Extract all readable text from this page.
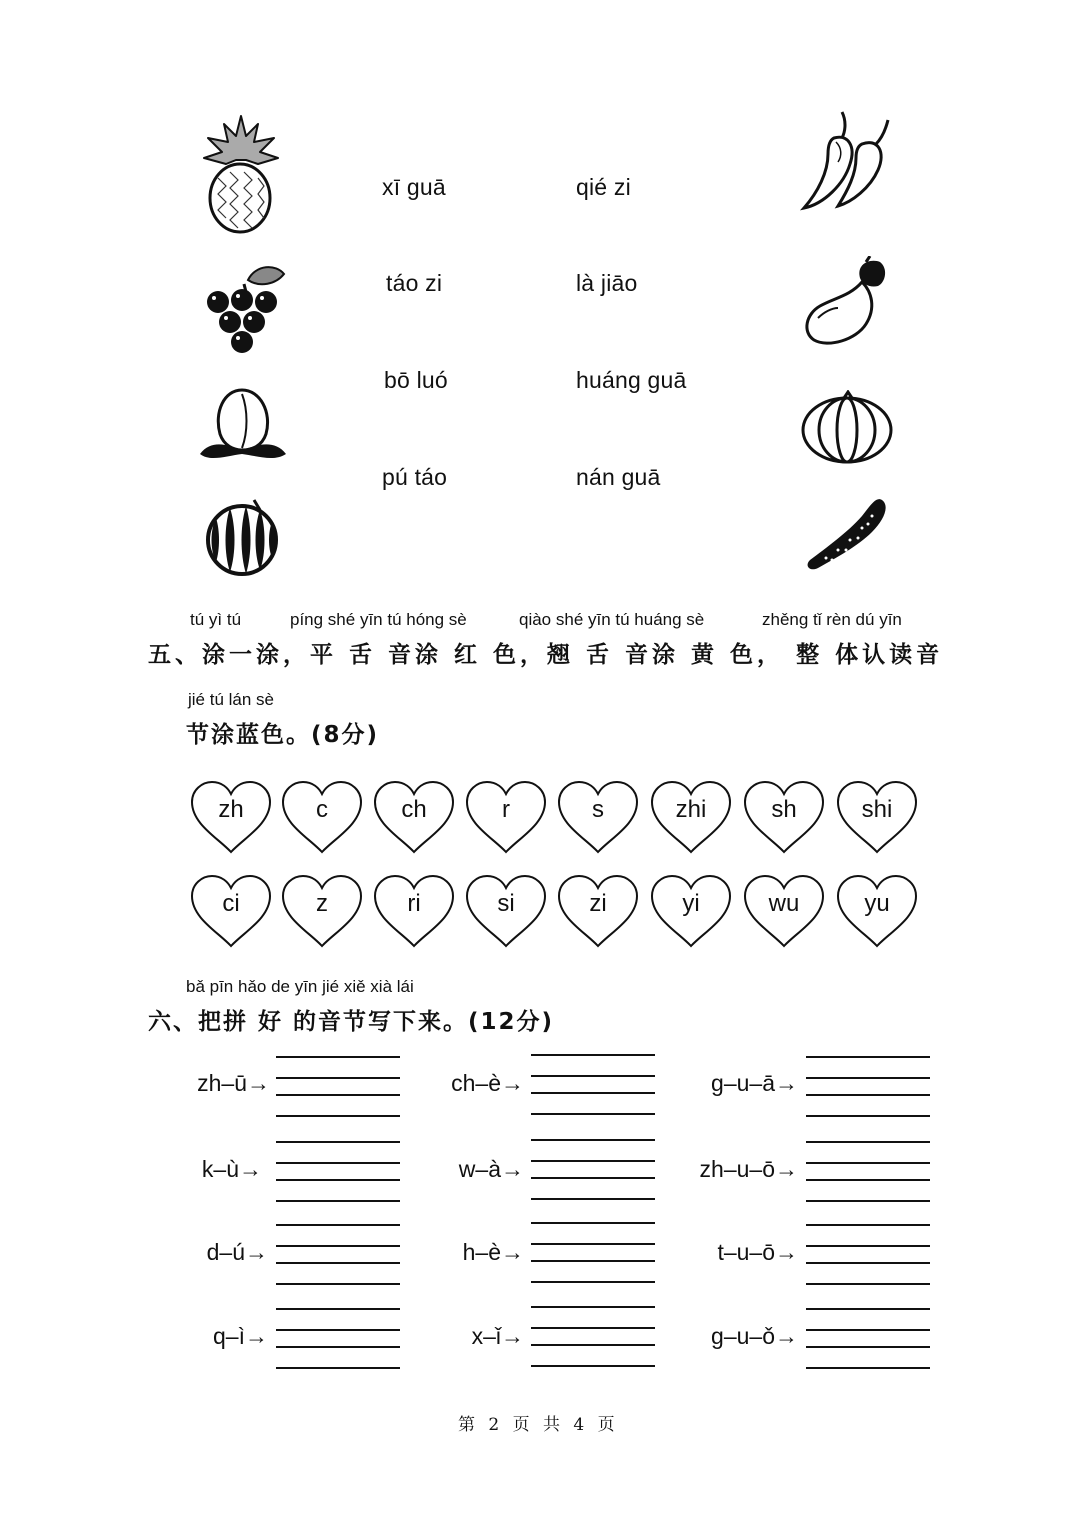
xī guā
táo zi
bō luó
pú táo
qié zi
là jiāo
huáng guā
nán guā
tú yì tú	píng shé yīn tú hóng sè	qiào shé yīn tú huáng sè	zhěng tǐ rèn dú yīn
五、涂一涂，平 舌 音涂 红 色，翘 舌 音涂 黄 色， 整 体认读音
jié tú lán sè
节涂蓝色。(8分)
zh	c	ch	r	s	zhi	sh	shi
ci	z	ri	si	zi	yi	wu	yu
bǎ pīn hǎo de yīn jié xiě xià lái
六、把拼 好 的音节写下来。(12分)
zh–ū→	ch–è→	g–u–ā→
k–ù→	w–à→	zh–u–ō→
d–ú→	h–è→	t–u–ō→
q–ì→	x–ǐ→	g–u–ǒ→
第 2 页 共 4 页
